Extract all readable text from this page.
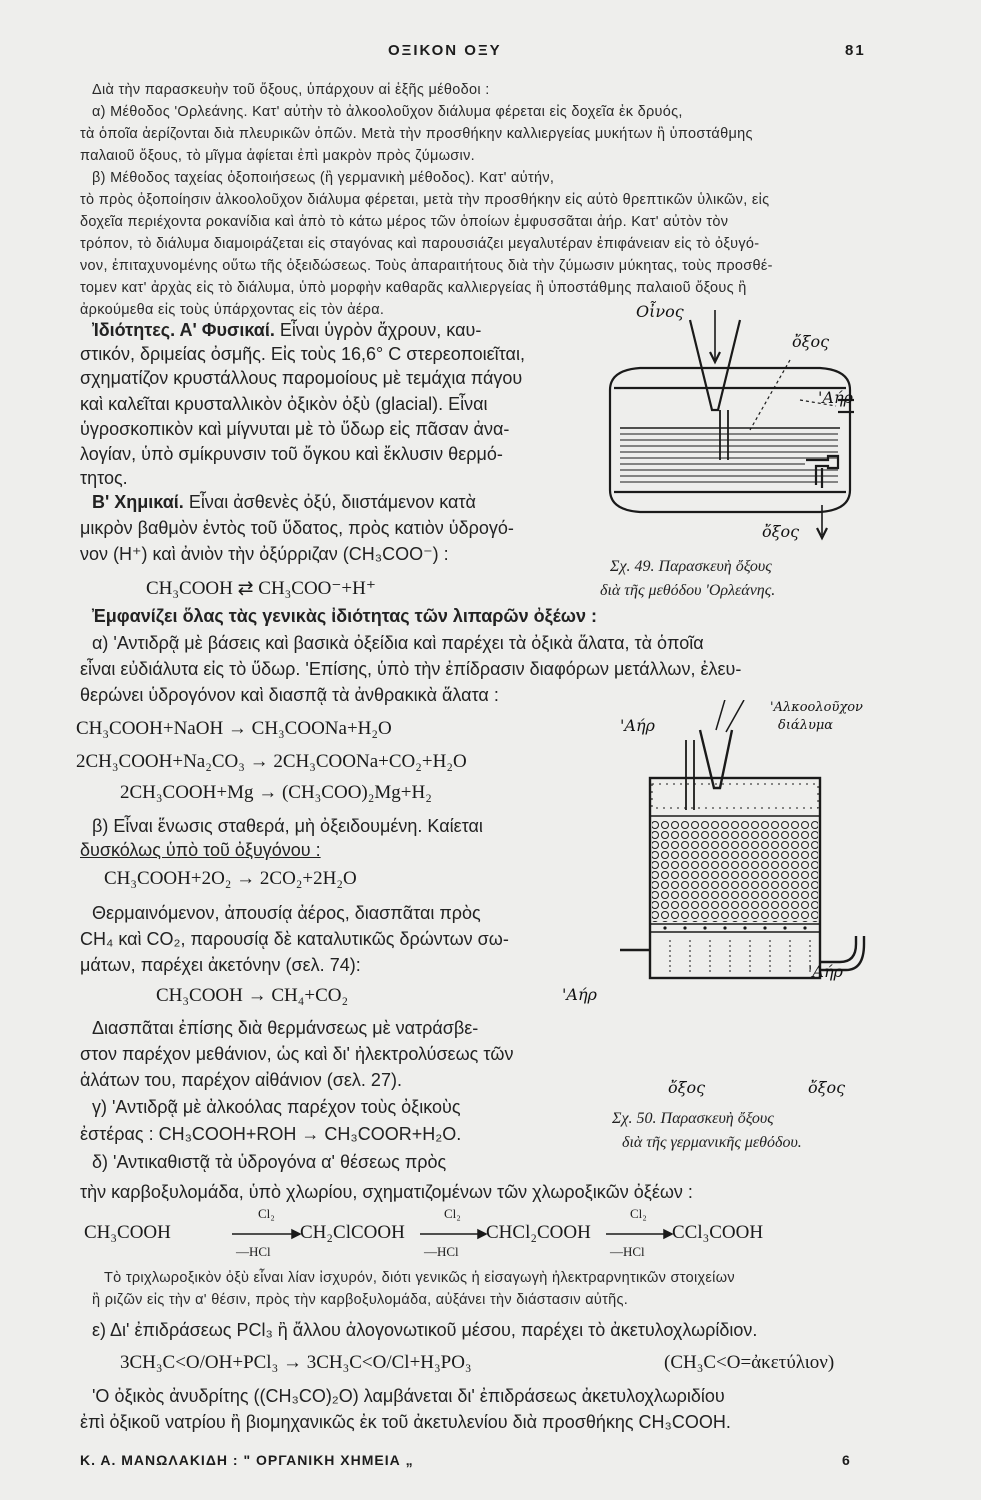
ΟΞΙΚΟΝ ΟΞΥ	81
Διὰ τὴν παρασκευὴν τοῦ ὄξους, ὑπάρχουν αἱ ἑξῆς μέθοδοι :
α) Μέθοδος 'Ορλεάνης. Κατ' αὐτὴν τὸ ἀλκοολοῦχον διάλυμα φέρεται εἰς δοχεῖα ἐκ δρυός,
τὰ ὁποῖα ἀερίζονται διὰ πλευρικῶν ὀπῶν. Μετὰ τὴν προσθήκην καλλιεργείας μυκήτων ἢ ὑποστάθμης
παλαιοῦ ὄξους, τὸ μῖγμα ἀφίεται ἐπὶ μακρὸν πρὸς ζύμωσιν.
β) Μέθοδος ταχείας ὀξοποιήσεως (ἢ γερμανικὴ μέθοδος). Κατ' αὐτήν,
τὸ πρὸς ὀξοποίησιν ἀλκοολοῦχον διάλυμα φέρεται, μετὰ τὴν προσθήκην εἰς αὐτὸ θρεπτικῶν ὑλικῶν, εἰς
δοχεῖα περιέχοντα ροκανίδια καὶ ἀπὸ τὸ κάτω μέρος τῶν ὁποίων ἐμφυσσᾶται ἀήρ. Κατ' αὐτὸν τὸν
τρόπον, τὸ διάλυμα διαμοιράζεται εἰς σταγόνας καὶ παρουσιάζει μεγαλυτέραν ἐπιφάνειαν εἰς τὸ ὀξυγό-
νον, ἐπιταχυνομένης οὕτω τῆς ὀξειδώσεως. Τοὺς ἀπαραιτήτους διὰ τὴν ζύμωσιν μύκητας, τοὺς προσθέ-
τομεν κατ' ἀρχὰς εἰς τὸ διάλυμα, ὑπὸ μορφὴν καθαρᾶς καλλιεργείας ἢ ὑποστάθμης παλαιοῦ ὄξους ἢ
ἀρκούμεθα εἰς τοὺς ὑπάρχοντας εἰς τὸν ἀέρα.
Ἰδιότητες. Α' Φυσικαί. Εἶναι ὑγρὸν ἄχρουν, καυ-
στικόν, δριμείας ὀσμῆς. Εἰς τοὺς 16,6° C στερεοποιεῖται,
σχηματίζον κρυστάλλους παρομοίους μὲ τεμάχια πάγου
καὶ καλεῖται κρυσταλλικὸν ὀξικὸν ὀξὺ (glacial). Εἶναι
ὑγροσκοπικὸν καὶ μίγνυται μὲ τὸ ὕδωρ εἰς πᾶσαν ἀνα-
λογίαν, ὑπὸ σμίκρυνσιν τοῦ ὄγκου καὶ ἔκλυσιν θερμό-
τητος.
Β' Χημικαί. Εἶναι ἀσθενὲς ὀξύ, διιστάμενον κατὰ
μικρὸν βαθμὸν ἐντὸς τοῦ ὕδατος, πρὸς κατιὸν ὑδρογό-
νον (H⁺) καὶ ἀνιὸν τὴν ὀξύρριζαν (CH₃COO⁻) :
CH₃COOH ⇄ CH₃COO⁻+H⁺
Ἐμφανίζει ὅλας τὰς γενικὰς ἰδιότητας τῶν λιπαρῶν ὀξέων :
Οἶνος
ὄξος
'Αήρ
ὄξος
Σχ. 49. Παρασκευὴ ὄξους
διὰ τῆς μεθόδου 'Ορλεάνης.
α) 'Αντιδρᾷ μὲ βάσεις καὶ βασικὰ ὀξείδια καὶ παρέχει τὰ ὀξικὰ ἅλατα, τὰ ὁποῖα
εἶναι εὐδιάλυτα εἰς τὸ ὕδωρ. 'Επίσης, ὑπὸ τὴν ἐπίδρασιν διαφόρων μετάλλων, ἐλευ-
θερώνει ὑδρογόνον καὶ διασπᾷ τὰ ἀνθρακικὰ ἅλατα :
CH₃COOH+NaOH → CH₃COONa+H₂O
2CH₃COOH+Na₂CO₃ → 2CH₃COONa+CO₂+H₂O
2CH₃COOH+Mg → (CH₃COO)₂Mg+H₂
β) Εἶναι ἕνωσις σταθερά, μὴ ὀξειδουμένη. Καίεται
δυσκόλως ὑπὸ τοῦ ὀξυγόνου :
CH₃COOH+2O₂ → 2CO₂+2H₂O
Θερμαινόμενον, ἀπουσίᾳ ἀέρος, διασπᾶται πρὸς
CH₄ καὶ CO₂, παρουσίᾳ δὲ καταλυτικῶς δρώντων σω-
μάτων, παρέχει ἀκετόνην (σελ. 74):
CH₃COOH → CH₄+CO₂
Διασπᾶται ἐπίσης διὰ θερμάνσεως μὲ νατράσβε-
στον παρέχον μεθάνιον, ὡς καὶ δι' ἠλεκτρολύσεως τῶν
ἁλάτων του, παρέχον αἰθάνιον (σελ. 27).
γ) 'Αντιδρᾷ μὲ ἀλκοόλας παρέχον τοὺς ὀξικοὺς
ἐστέρας : CH₃COOH+ROH → CH₃COOR+H₂O.
δ) 'Αντικαθιστᾷ τὰ ὑδρογόνα α' θέσεως πρὸς
τὴν καρβοξυλομάδα, ὑπὸ χλωρίου, σχηματιζομένων τῶν χλωροξικῶν ὀξέων :
'Αήρ
'Αλκοολοῦχον
διάλυμα
'Αήρ
'Αήρ
ὄξος	ὄξος
Σχ. 50. Παρασκευὴ ὄξους
διὰ τῆς γερμανικῆς μεθόδου.
CH₃COOH	CH₂ClCOOH	CHCl₂COOH	CCl₃COOH
Cl₂	Cl₂	Cl₂
—HCl	—HCl	—HCl
Τὸ τριχλωροξικὸν ὀξὺ εἶναι λίαν ἰσχυρόν, διότι γενικῶς ἡ εἰσαγωγὴ ἠλεκτραρνητικῶν στοιχείων
ἢ ριζῶν εἰς τὴν α' θέσιν, πρὸς τὴν καρβοξυλομάδα, αὐξάνει τὴν διάστασιν αὐτῆς.
ε) Δι' ἐπιδράσεως PCl₃ ἢ ἄλλου ἀλογονωτικοῦ μέσου, παρέχει τὸ ἀκετυλοχλωρίδιον.
3CH₃C<O/OH+PCl₃ → 3CH₃C<O/Cl+H₃PO₃	(CH₃C<O=ἀκετύλιον)
'Ο ὀξικὸς ἀνυδρίτης ((CH₃CO)₂O) λαμβάνεται δι' ἐπιδράσεως ἀκετυλοχλωριδίου
ἐπὶ ὀξικοῦ νατρίου ἢ βιομηχανικῶς ἐκ τοῦ ἀκετυλενίου διὰ προσθήκης CH₃COOH.
Κ. Α. ΜΑΝΩΛΑΚΙΔΗ : " ΟΡΓΑΝΙΚΗ ΧΗΜΕΙΑ „	6
